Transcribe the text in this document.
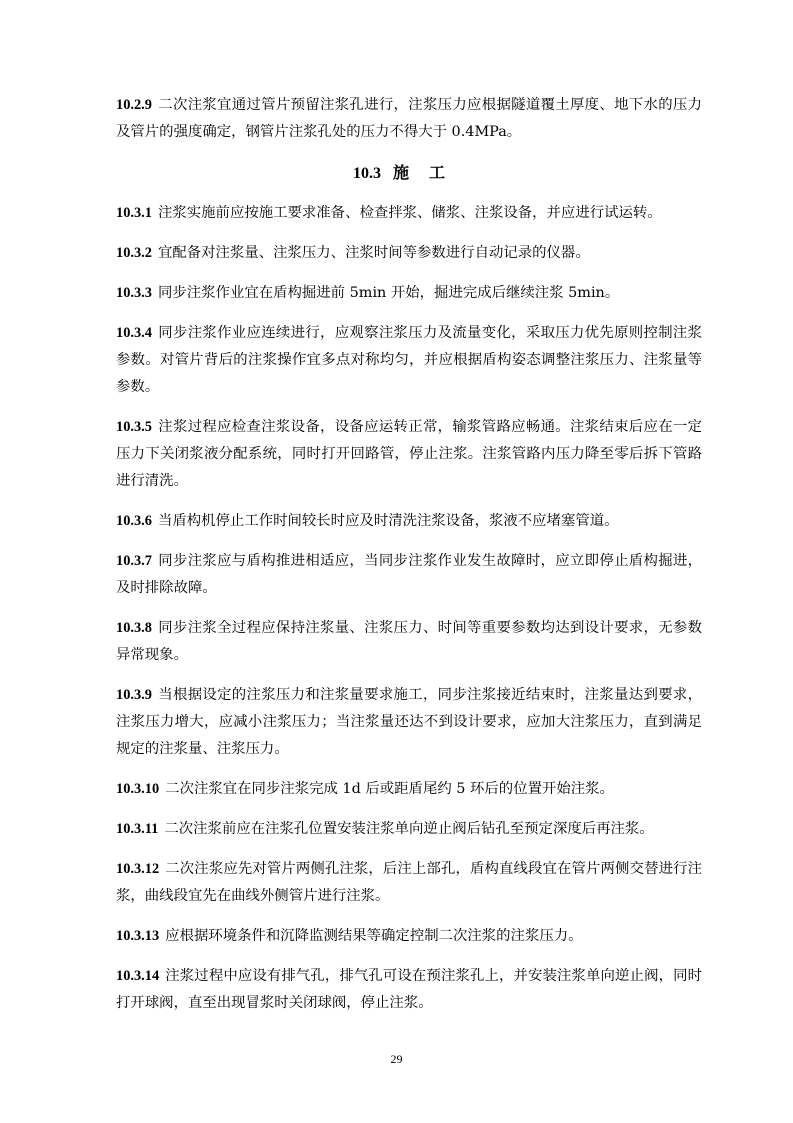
10.2.9 二次注浆宜通过管片预留注浆孔进行，注浆压力应根据隧道覆土厚度、地下水的压力及管片的强度确定，钢管片注浆孔处的压力不得大于 0.4MPa。

10.3 施工

10.3.1 注浆实施前应按施工要求准备、检查拌浆、储浆、注浆设备，并应进行试运转。

10.3.2 宜配备对注浆量、注浆压力、注浆时间等参数进行自动记录的仪器。

10.3.3 同步注浆作业宜在盾构掘进前 5min 开始，掘进完成后继续注浆 5min。

10.3.4 同步注浆作业应连续进行，应观察注浆压力及流量变化，采取压力优先原则控制注浆参数。对管片背后的注浆操作宜多点对称均匀，并应根据盾构姿态调整注浆压力、注浆量等参数。

10.3.5 注浆过程应检查注浆设备，设备应运转正常，输浆管路应畅通。注浆结束后应在一定压力下关闭浆液分配系统，同时打开回路管，停止注浆。注浆管路内压力降至零后拆下管路进行清洗。

10.3.6 当盾构机停止工作时间较长时应及时清洗注浆设备，浆液不应堵塞管道。

10.3.7 同步注浆应与盾构推进相适应，当同步注浆作业发生故障时，应立即停止盾构掘进，及时排除故障。

10.3.8 同步注浆全过程应保持注浆量、注浆压力、时间等重要参数均达到设计要求，无参数异常现象。

10.3.9 当根据设定的注浆压力和注浆量要求施工，同步注浆接近结束时，注浆量达到要求，注浆压力增大，应减小注浆压力；当注浆量还达不到设计要求，应加大注浆压力，直到满足规定的注浆量、注浆压力。

10.3.10 二次注浆宜在同步注浆完成 1d 后或距盾尾约 5 环后的位置开始注浆。

10.3.11 二次注浆前应在注浆孔位置安装注浆单向逆止阀后钻孔至预定深度后再注浆。

10.3.12 二次注浆应先对管片两侧孔注浆，后注上部孔，盾构直线段宜在管片两侧交替进行注浆，曲线段宜先在曲线外侧管片进行注浆。

10.3.13 应根据环境条件和沉降监测结果等确定控制二次注浆的注浆压力。

10.3.14 注浆过程中应设有排气孔，排气孔可设在预注浆孔上，并安装注浆单向逆止阀，同时打开球阀，直至出现冒浆时关闭球阀，停止注浆。

29
